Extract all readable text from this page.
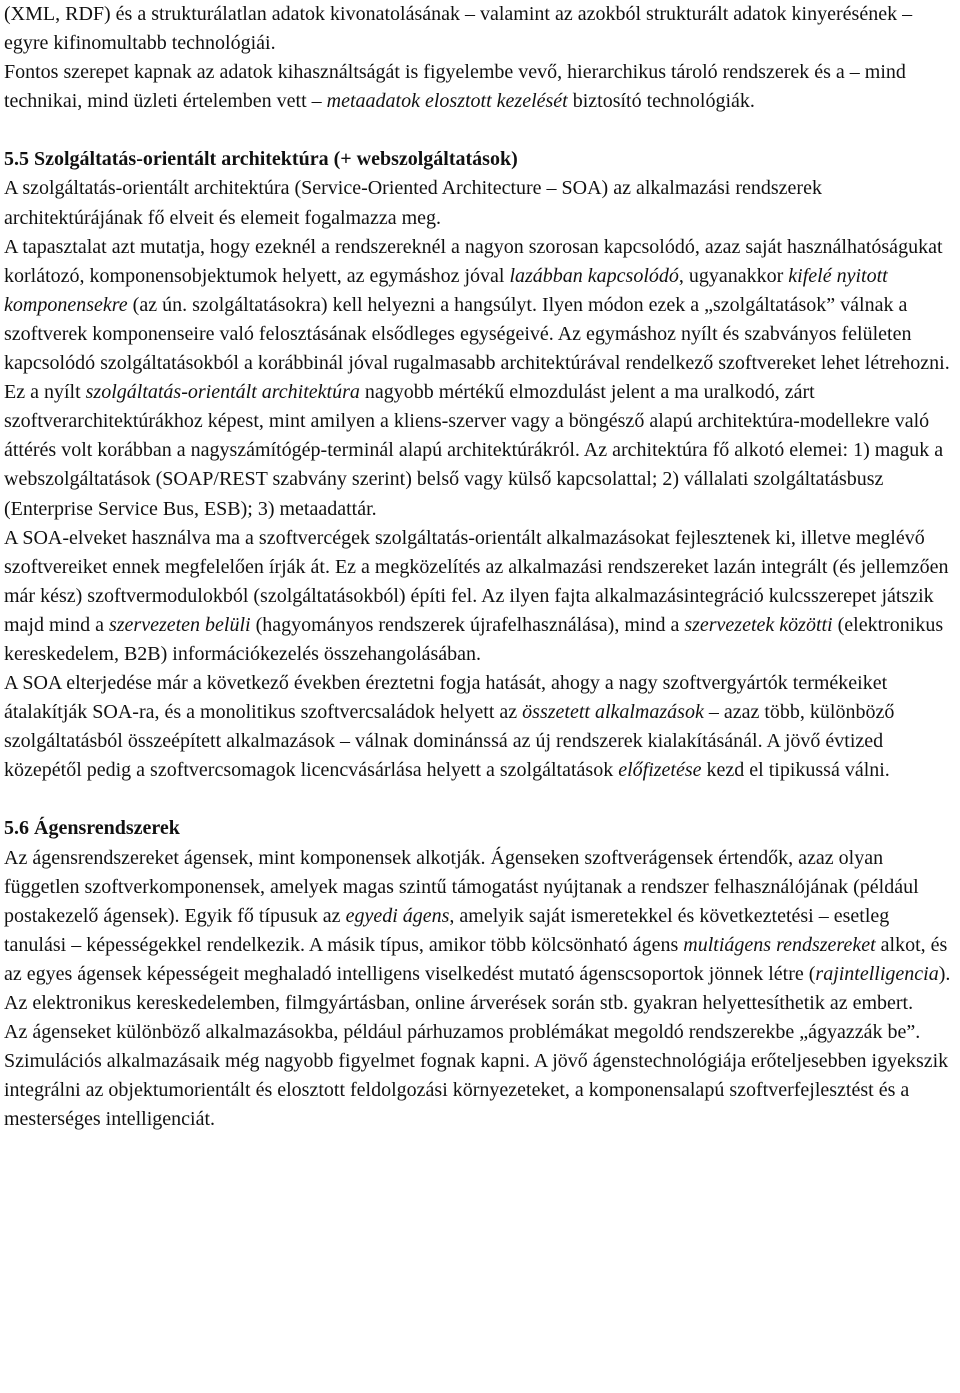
(XML, RDF) és a strukturálatlan adatok kivonatolásának – valamint az azokból strukturált adatok kinyerésének – egyre kifinomultabb technológiái.

Fontos szerepet kapnak az adatok kihasználtságát is figyelembe vevő, hierarchikus tároló rendszerek és a – mind technikai, mind üzleti értelemben vett – metaadatok elosztott kezelését biztosító technológiák.

5.5 Szolgáltatás-orientált architektúra (+ webszolgáltatások)

A szolgáltatás-orientált architektúra (Service-Oriented Architecture – SOA) az alkalmazási rendszerek architektúrájának fő elveit és elemeit fogalmazza meg.

A tapasztalat azt mutatja, hogy ezeknél a rendszereknél a nagyon szorosan kapcsolódó, azaz saját használhatóságukat korlátozó, komponensobjektumok helyett, az egymáshoz jóval lazábban kapcsolódó, ugyanakkor kifelé nyitott komponensekre (az ún. szolgáltatásokra) kell helyezni a hangsúlyt. Ilyen módon ezek a „szolgáltatások” válnak a szoftverek komponenseire való felosztásának elsődleges egységeivé. Az egymáshoz nyílt és szabványos felületen kapcsolódó szolgáltatásokból a korábbinál jóval rugalmasabb architektúrával rendelkező szoftvereket lehet létrehozni.

Ez a nyílt szolgáltatás-orientált architektúra nagyobb mértékű elmozdulást jelent a ma uralkodó, zárt szoftverarchitektúrákhoz képest, mint amilyen a kliens-szerver vagy a böngésző alapú architektúra-modellekre való áttérés volt korábban a nagyszámítógép-terminál alapú architektúrákról. Az architektúra fő alkotó elemei: 1) maguk a webszolgáltatások (SOAP/REST szabvány szerint) belső vagy külső kapcsolattal; 2) vállalati szolgáltatásbusz (Enterprise Service Bus, ESB); 3) metaadattár.

A SOA-elveket használva ma a szoftvercégek szolgáltatás-orientált alkalmazásokat fejlesztenek ki, illetve meglévő szoftvereiket ennek megfelelően írják át. Ez a megközelítés az alkalmazási rendszereket lazán integrált (és jellemzően már kész) szoftvermodulokból (szolgáltatásokból) építi fel. Az ilyen fajta alkalmazásintegráció kulcsszerepet játszik majd mind a szervezeten belüli (hagyományos rendszerek újrafelhasználása), mind a szervezetek közötti (elektronikus kereskedelem, B2B) információkezelés összehangolásában.

A SOA elterjedése már a következő években éreztetni fogja hatását, ahogy a nagy szoftvergyártók termékeiket átalakítják SOA-ra, és a monolitikus szoftvercsaládok helyett az összetett alkalmazások – azaz több, különböző szolgáltatásból összeépített alkalmazások – válnak dominánssá az új rendszerek kialakításánál. A jövő évtized közepétől pedig a szoftvercsomagok licencvásárlása helyett a szolgáltatások előfizetése kezd el tipikussá válni.

5.6 Ágensrendszerek

Az ágensrendszereket ágensek, mint komponensek alkotják. Ágenseken szoftverágensek értendők, azaz olyan független szoftverkomponensek, amelyek magas szintű támogatást nyújtanak a rendszer felhasználójának (például postakezelő ágensek). Egyik fő típusuk az egyedi ágens, amelyik saját ismeretekkel és következtetési – esetleg tanulási – képességekkel rendelkezik. A másik típus, amikor több kölcsönható ágens multiágens rendszereket alkot, és az egyes ágensek képességeit meghaladó intelligens viselkedést mutató ágenscsoportok jönnek létre (rajintelligencia). Az elektronikus kereskedelemben, filmgyártásban, online árverések során stb. gyakran helyettesíthetik az embert.

Az ágenseket különböző alkalmazásokba, például párhuzamos problémákat megoldó rendszerekbe „ágyazzák be”. Szimulációs alkalmazásaik még nagyobb figyelmet fognak kapni. A jövő ágenstechnológiája erőteljesebben igyekszik integrálni az objektumorientált és elosztott feldolgozási környezeteket, a komponensalapú szoftverfejlesztést és a mesterséges intelligenciát.
